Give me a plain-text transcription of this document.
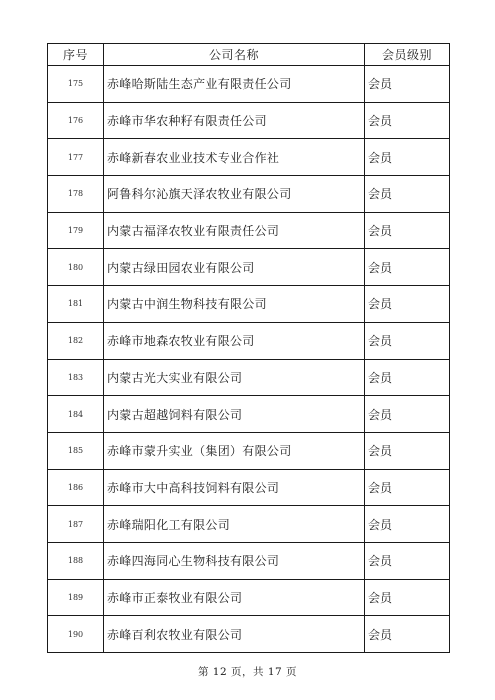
序号	公司名称	会员级别
175	赤峰哈斯陆生态产业有限责任公司	会员
176	赤峰市华农种籽有限责任公司	会员
177	赤峰新春农业业技术专业合作社	会员
178	阿鲁科尔沁旗天泽农牧业有限公司	会员
179	内蒙古福泽农牧业有限责任公司	会员
180	内蒙古绿田园农业有限公司	会员
181	内蒙古中润生物科技有限公司	会员
182	赤峰市地森农牧业有限公司	会员
183	内蒙古光大实业有限公司	会员
184	内蒙古超越饲料有限公司	会员
185	赤峰市蒙升实业（集团）有限公司	会员
186	赤峰市大中高科技饲料有限公司	会员
187	赤峰瑞阳化工有限公司	会员
188	赤峰四海同心生物科技有限公司	会员
189	赤峰市正泰牧业有限公司	会员
190	赤峰百利农牧业有限公司	会员
第 12 页，共 17 页
